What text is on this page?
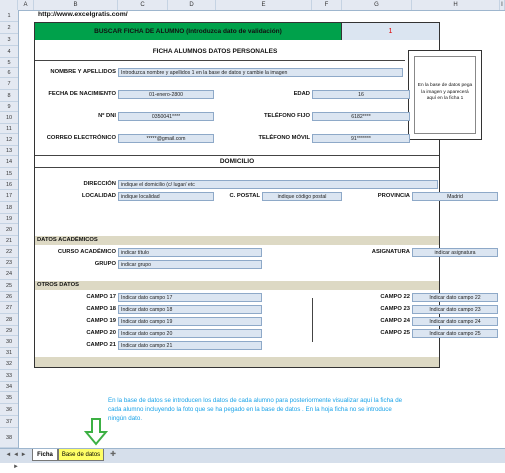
A	B	C	D	E	F	G	H	I
1
2
3
4
5
6
7
8
9
10
11
12
13
14
15
16
17
18
19
20
21
22
23
24
25
26
27
28
29
30
31
32
33
34
35
36
37
38
http://www.excelgratis.com/
BUSCAR FICHA DE ALUMNO (Introduzca dato de validación)	1
FICHA ALUMNOS DATOS PERSONALES
En la base de datos pega la imagen y aparecerá aquí en la ficha 1
NOMBRE Y APELLIDOS Introduzca nombre y apellidos 1 en la base de datos y cambie la imagen
FECHA DE NACIMIENTO	01-enero-2800	EDAD	16
Nº DNI	0350041****	TELÉFONO FIJO	6182****
CORREO ELECTRÓNICO	*****@gmail.com	TELÉFONO MÓVIL	91*******
DOMICILIO
DIRECCIÓN indique el domicilio (c/ lugar/ etc
LOCALIDAD indique localidad	C. POSTAL	indique código postal	PROVINCIA	Madrid
DATOS ACADÉMICOS
CURSO ACADÉMICO indicar título	ASIGNATURA	indicar asignatura
GRUPO indicar grupo
OTROS DATOS
CAMPO 17 Indicar dato campo 17
CAMPO 18 Indicar dato campo 18
CAMPO 19 Indicar dato campo 19
CAMPO 20 Indicar dato campo 20
CAMPO 21 Indicar dato campo 21
CAMPO 22	Indicar dato campo 22
CAMPO 23	Indicar dato campo 23
CAMPO 24	Indicar dato campo 24
CAMPO 25	Indicar dato campo 25
En la base de datos se introducen los datos de cada alumno para posteriormente visualizar aquí la ficha de cada alumno incluyendo la foto que se ha pegado en la base de datos . En la hoja ficha no se introduce ningún dato.
◄ ◄ ► ►
Ficha	Base de datos	✚
